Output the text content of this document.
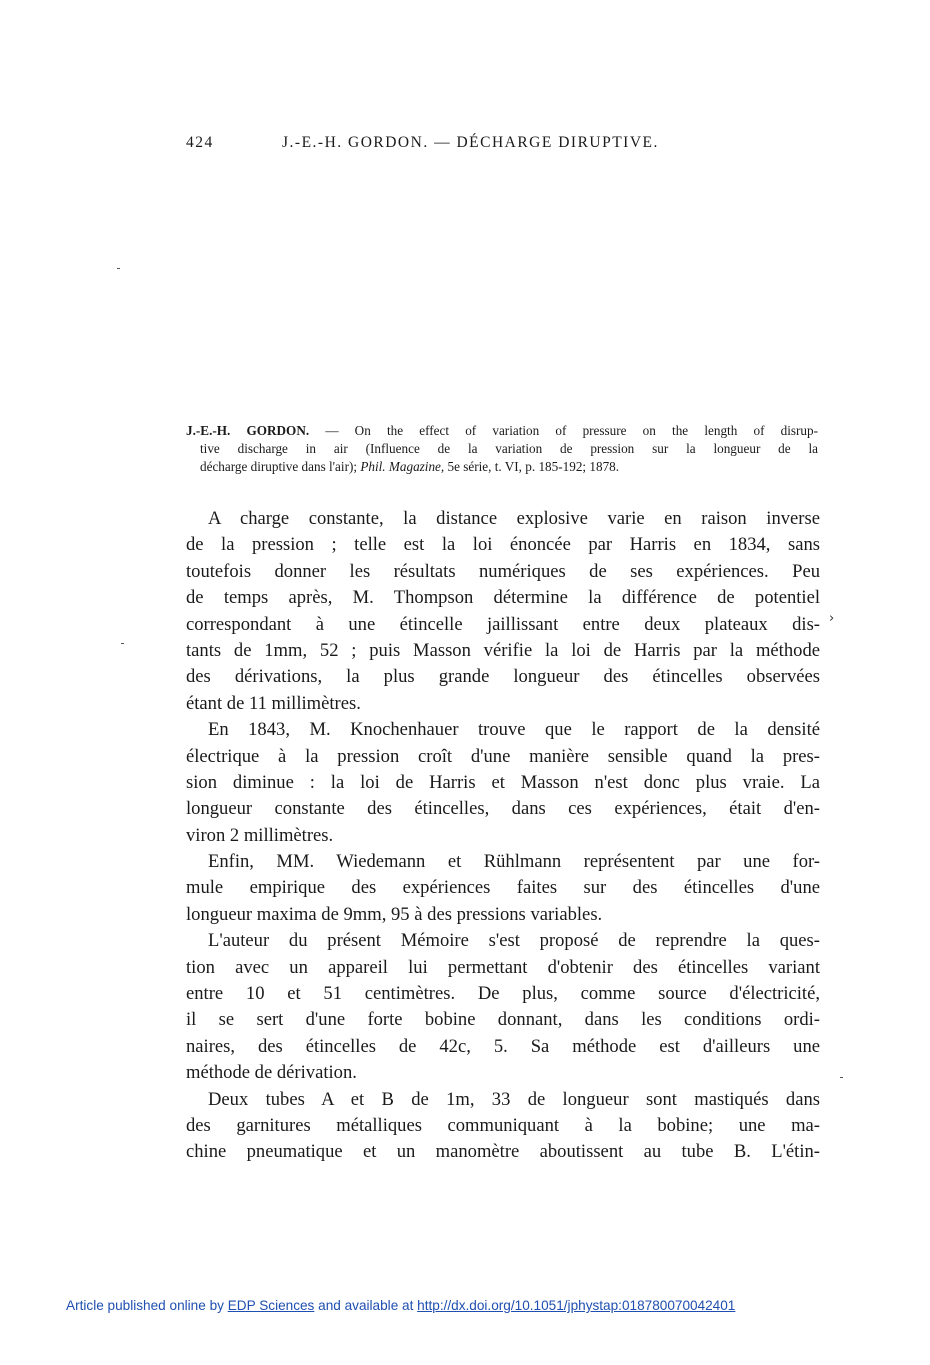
424	J.-E.-H. GORDON. — DÉCHARGE DIRUPTIVE.
J.-E.-H. GORDON. — On the effect of variation of pressure on the length of disrup-
tive discharge in air (Influence de la variation de pression sur la longueur de la
décharge diruptive dans l'air); Phil. Magazine, 5e série, t. VI, p. 185-192; 1878.
A charge constante, la distance explosive varie en raison inverse
de la pression ; telle est la loi énoncée par Harris en 1834, sans
toutefois donner les résultats numériques de ses expériences. Peu
de temps après, M. Thompson détermine la différence de potentiel
correspondant à une étincelle jaillissant entre deux plateaux dis-
tants de 1mm, 52 ; puis Masson vérifie la loi de Harris par la méthode
des dérivations, la plus grande longueur des étincelles observées
étant de 11 millimètres.
En 1843, M. Knochenhauer trouve que le rapport de la densité
électrique à la pression croît d'une manière sensible quand la pres-
sion diminue : la loi de Harris et Masson n'est donc plus vraie. La
longueur constante des étincelles, dans ces expériences, était d'en-
viron 2 millimètres.
Enfin, MM. Wiedemann et Rühlmann représentent par une for-
mule empirique des expériences faites sur des étincelles d'une
longueur maxima de 9mm, 95 à des pressions variables.
L'auteur du présent Mémoire s'est proposé de reprendre la ques-
tion avec un appareil lui permettant d'obtenir des étincelles variant
entre 10 et 51 centimètres. De plus, comme source d'électricité,
il se sert d'une forte bobine donnant, dans les conditions ordi-
naires, des étincelles de 42c, 5. Sa méthode est d'ailleurs une
méthode de dérivation.
Deux tubes A et B de 1m, 33 de longueur sont mastiqués dans
des garnitures métalliques communiquant à la bobine; une ma-
chine pneumatique et un manomètre aboutissent au tube B. L'étin-
›
Article published online by EDP Sciences and available at http://dx.doi.org/10.1051/jphystap:018780070042401
